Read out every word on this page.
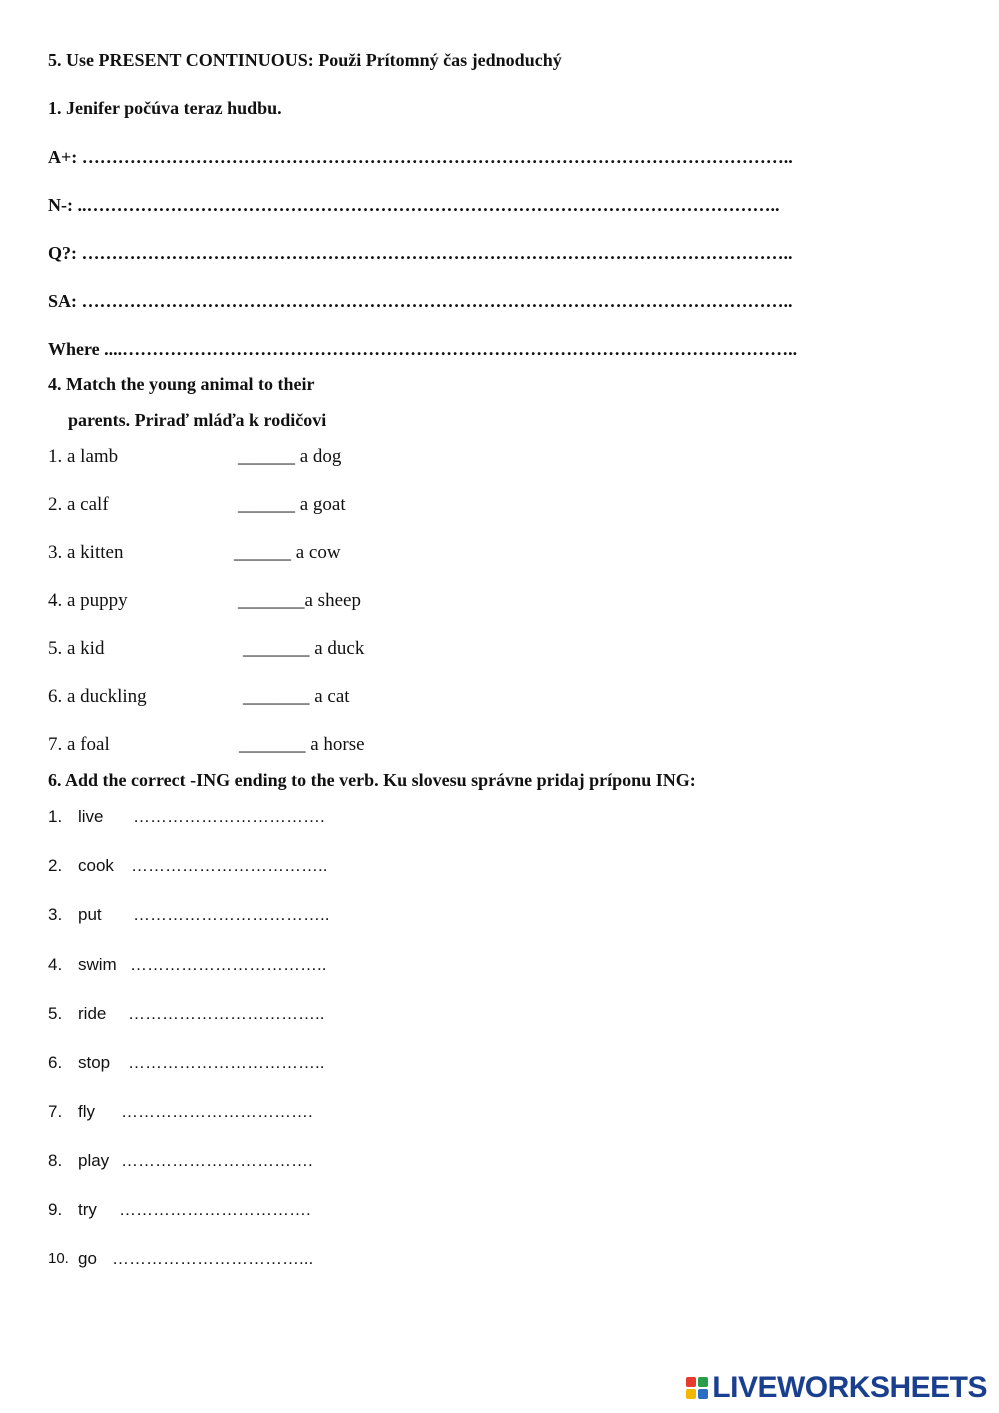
5. Use PRESENT CONTINUOUS: Použi Prítomný čas jednoduchý
1. Jenifer počúva teraz hudbu.
A+: ………………………………………………………………………………………………………..
N-: ..……………………………………………………………………………………………………..
Q?: ………………………………………………………………………………………………………..
SA: ………………………………………………………………………………………………………..
Where ....…………………………………………………………………………………………………..
4. Match the young animal to their
parents. Priraď mláďa k rodičovi
1. a lamb	______ a dog
2. a calf	______ a goat
3. a kitten	______ a cow
4. a puppy	_______a sheep
5. a kid	_______ a duck
6. a duckling	_______ a cat
7. a foal	_______ a horse
6. Add the correct -ING ending to the verb. Ku slovesu správne pridaj príponu ING:
1. live …………………………….
2. cook ……………………………..
3. put ……………………………..
4. swim ……………………………..
5. ride ……………………………..
6. stop ……………………………..
7. fly …………………………….
8. play …………………………….
9. try …………………………….
10. go ……………………………...
LIVEWORKSHEETS
